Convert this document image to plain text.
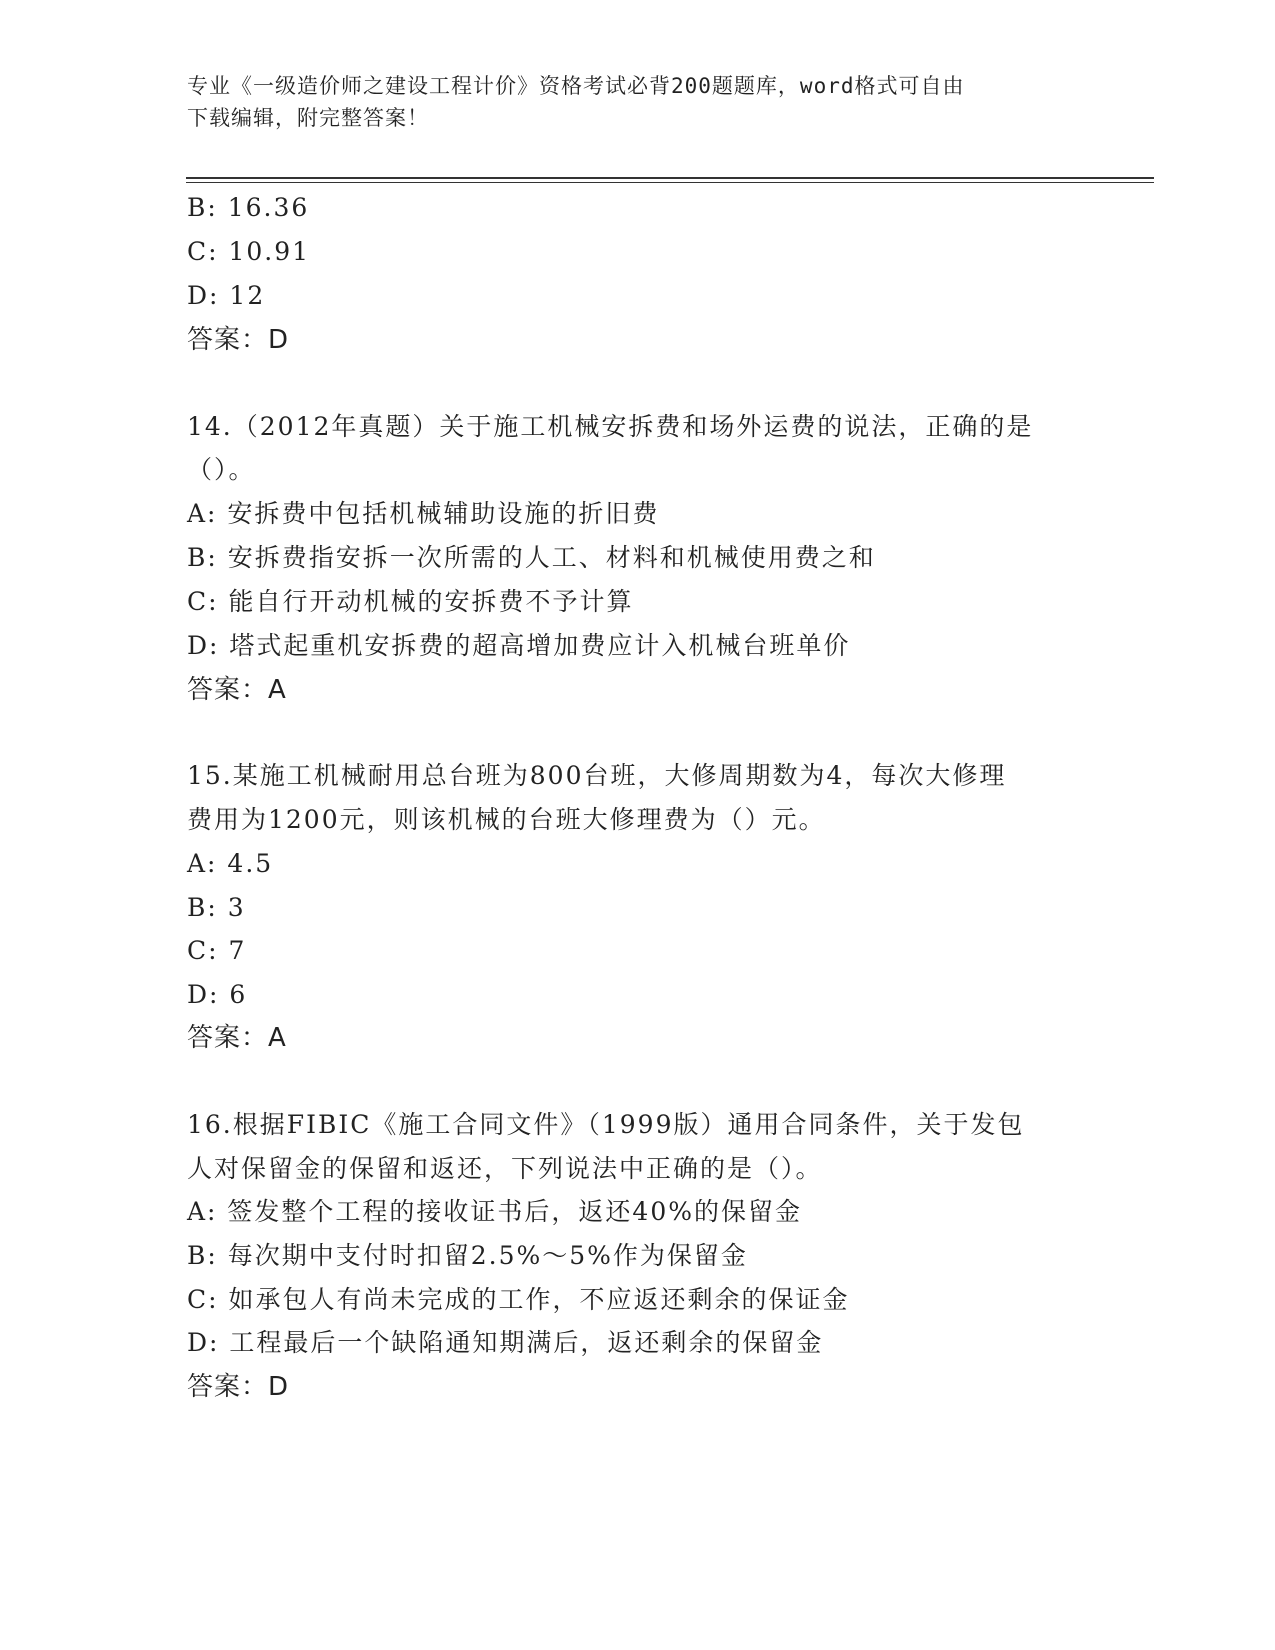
专业《一级造价师之建设工程计价》资格考试必背200题题库，word格式可自由
下载编辑，附完整答案！
B: 16.36
C: 10.91
D: 12
答案：D
14.（2012年真题）关于施工机械安拆费和场外运费的说法，正确的是
（）。
A: 安拆费中包括机械辅助设施的折旧费
B: 安拆费指安拆一次所需的人工、材料和机械使用费之和
C: 能自行开动机械的安拆费不予计算
D: 塔式起重机安拆费的超高增加费应计入机械台班单价
答案：A
15.某施工机械耐用总台班为800台班，大修周期数为4，每次大修理
费用为1200元，则该机械的台班大修理费为（）元。
A: 4.5
B: 3
C: 7
D: 6
答案：A
16.根据FIBIC《施工合同文件》（1999版）通用合同条件，关于发包
人对保留金的保留和返还，下列说法中正确的是（）。
A: 签发整个工程的接收证书后，返还40%的保留金
B: 每次期中支付时扣留2.5%～5%作为保留金
C: 如承包人有尚未完成的工作，不应返还剩余的保证金
D: 工程最后一个缺陷通知期满后，返还剩余的保留金
答案：D
